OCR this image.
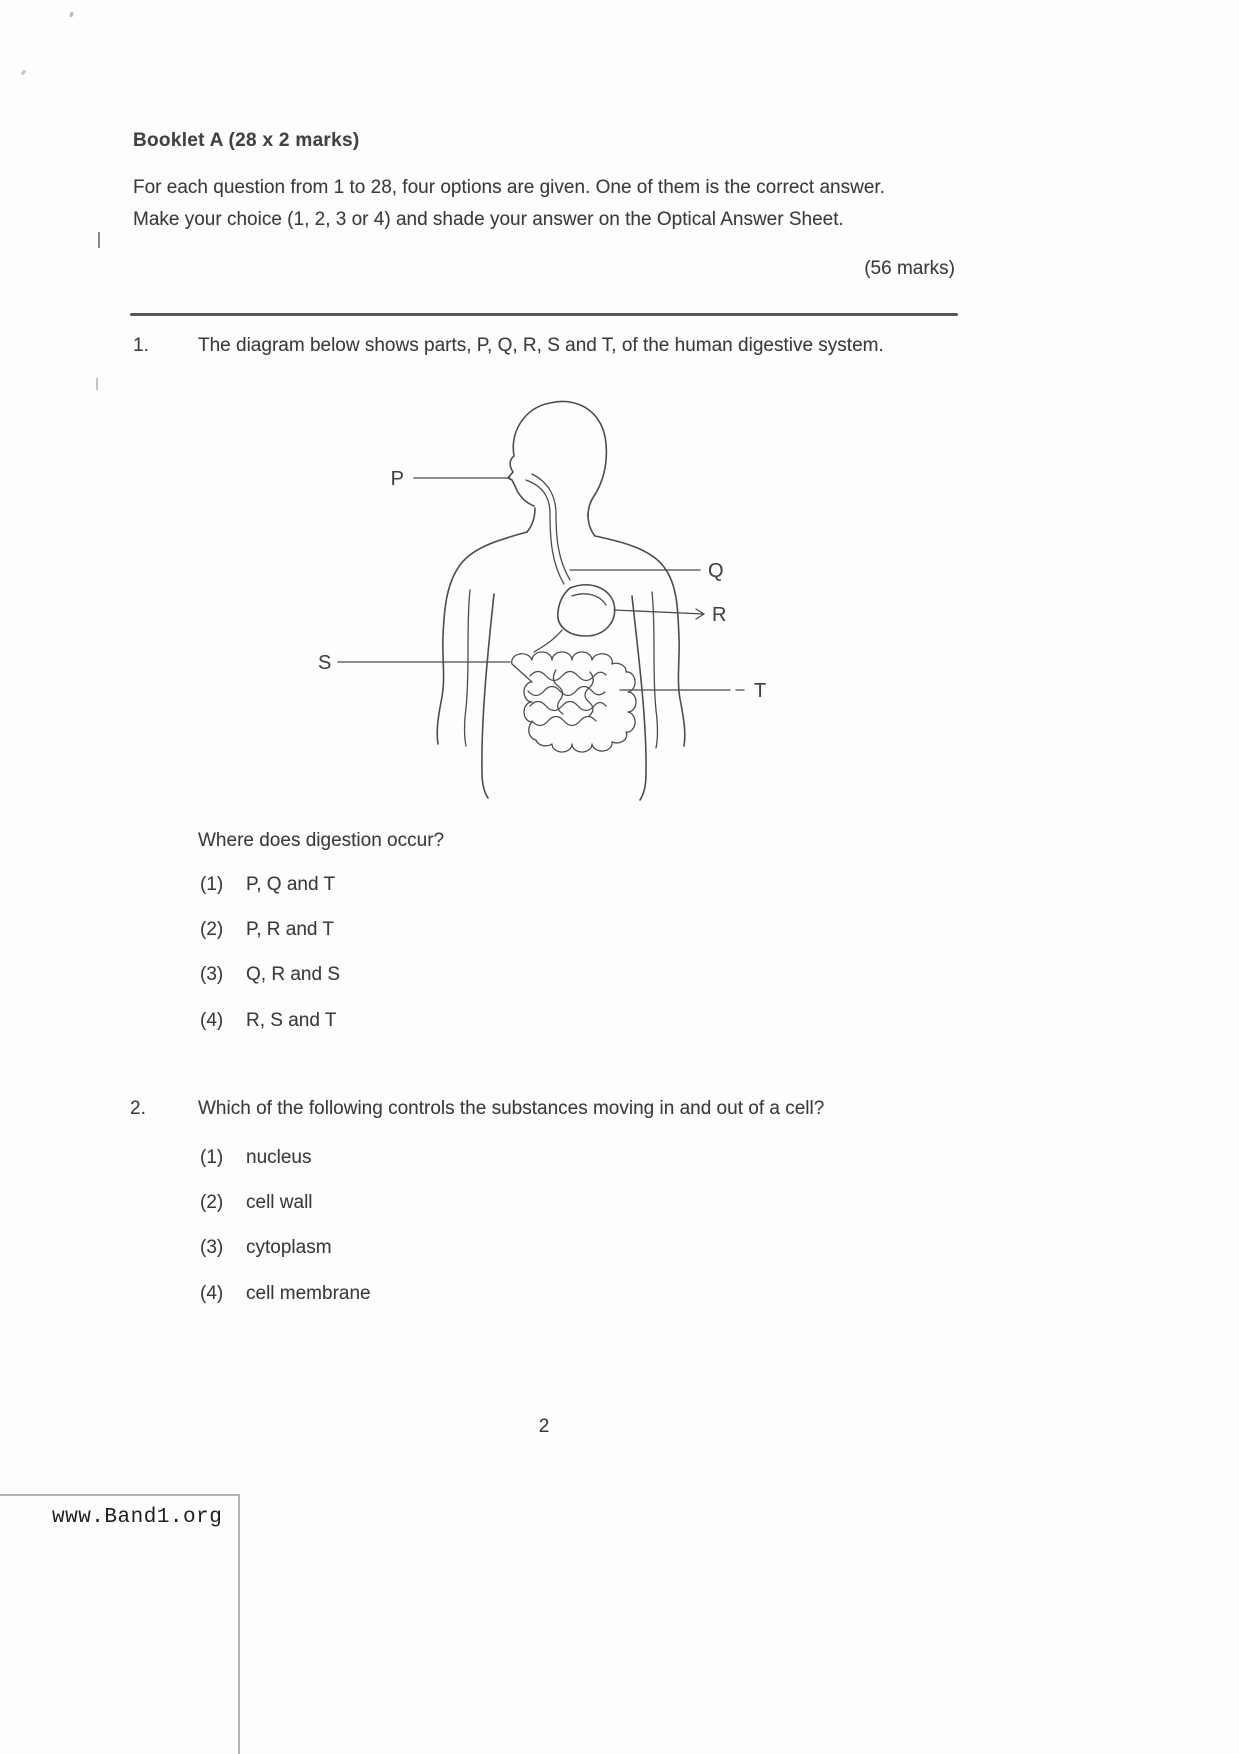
Booklet A (28 x 2 marks)
For each question from 1 to 28, four options are given. One of them is the correct answer.
Make your choice (1, 2, 3 or 4) and shade your answer on the Optical Answer Sheet.
(56 marks)
1.	The diagram below shows parts, P, Q, R, S and T, of the human digestive system.
P
Q
R
S
T
Where does digestion occur?
(1)	P, Q and T
(2)	P, R and T
(3)	Q, R and S
(4)	R, S and T
2.	Which of the following controls the substances moving in and out of a cell?
(1)	nucleus
(2)	cell wall
(3)	cytoplasm
(4)	cell membrane
2
www.Band1.org
